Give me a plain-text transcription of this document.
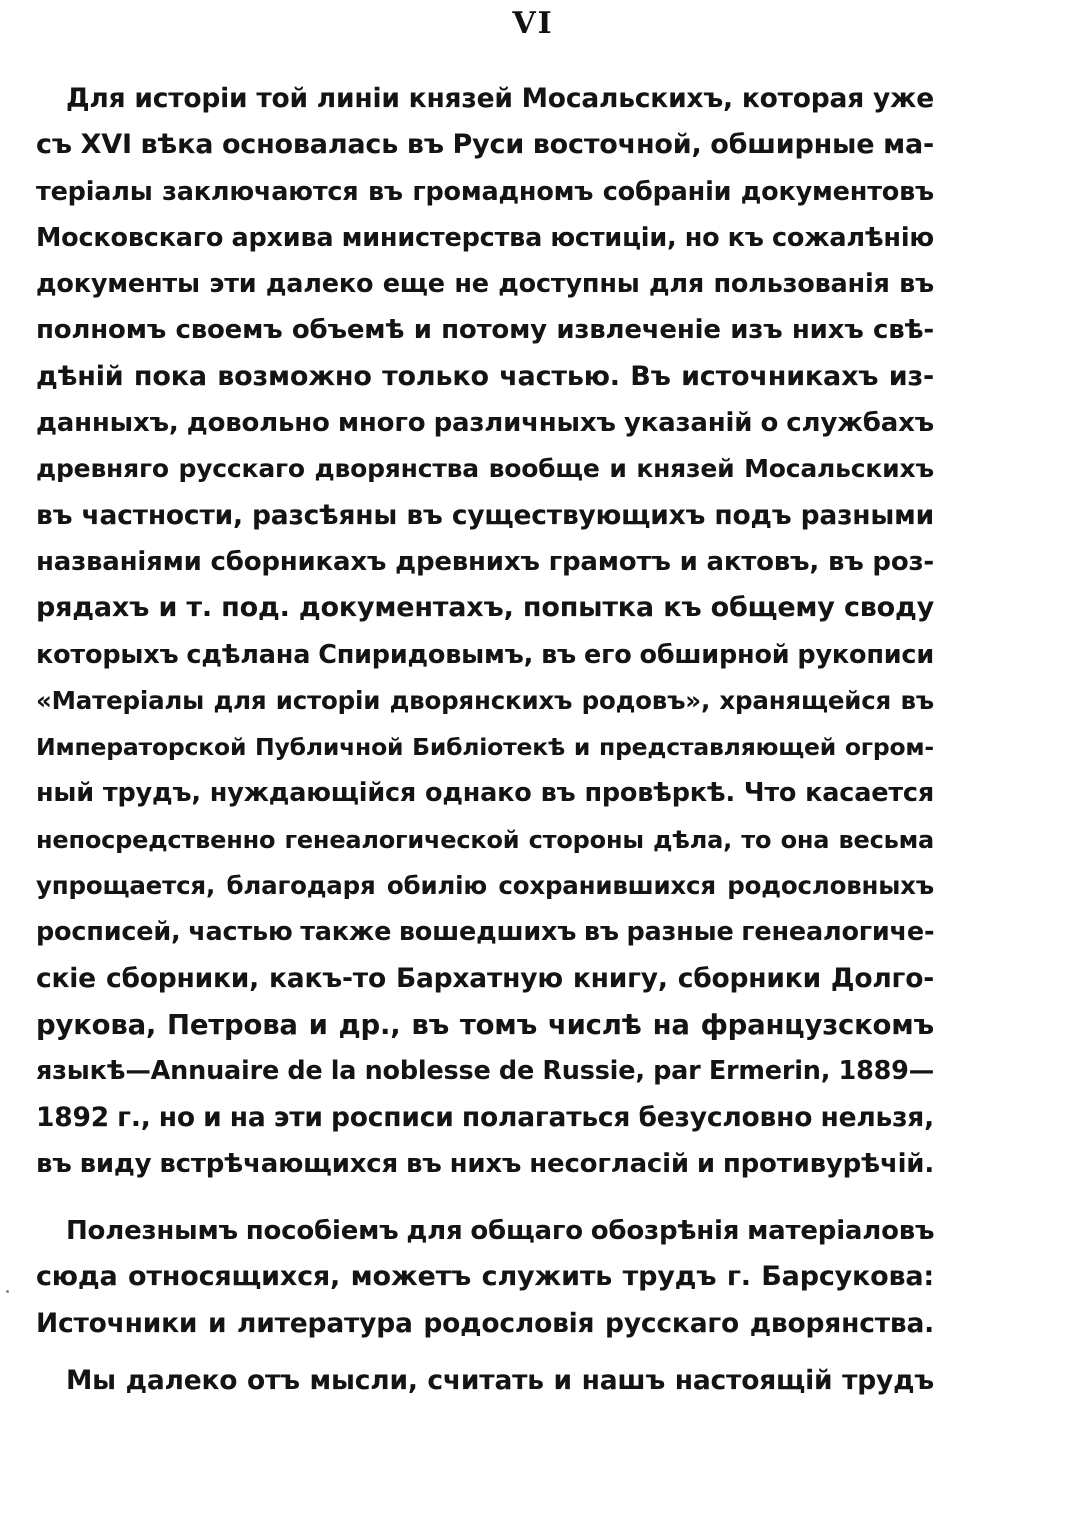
VI
Для исторіи той линіи князей Мосальскихъ, которая уже
съ XVI вѣка основалась въ Руси восточной, обширные ма-
теріалы заключаются въ громадномъ собраніи документовъ
Московскаго архива министерства юстиціи, но къ сожалѣнію
документы эти далеко еще не доступны для пользованія въ
полномъ своемъ объемѣ и потому извлеченіе изъ нихъ свѣ-
дѣній пока возможно только частью. Въ источникахъ из-
данныхъ, довольно много различныхъ указаній о службахъ
древняго русскаго дворянства вообще и князей Мосальскихъ
въ частности, разсѣяны въ существующихъ подъ разными
названіями сборникахъ древнихъ грамотъ и актовъ, въ роз-
рядахъ и т. под. документахъ, попытка къ общему своду
которыхъ сдѣлана Спиридовымъ, въ его обширной рукописи
«Матеріалы для исторіи дворянскихъ родовъ», хранящейся въ
Императорской Публичной Библіотекѣ и представляющей огром-
ный трудъ, нуждающійся однако въ провѣркѣ. Что касается
непосредственно генеалогической стороны дѣла, то она весьма
упрощается, благодаря обилію сохранившихся родословныхъ
росписей, частью также вошедшихъ въ разные генеалогиче-
скіе сборники, какъ-то Бархатную книгу, сборники Долго-
рукова, Петрова и др., въ томъ числѣ на французскомъ
языкѣ—Annuaire de la noblesse de Russie, par Ermerin, 1889—
1892 г., но и на эти росписи полагаться безусловно нельзя,
въ виду встрѣчающихся въ нихъ несогласій и противурѣчій.
Полезнымъ пособіемъ для общаго обозрѣнія матеріаловъ
сюда относящихся, можетъ служить трудъ г. Барсукова:
Источники и литература родословія русскаго дворянства.
Мы далеко отъ мысли, считать и нашъ настоящій трудъ
